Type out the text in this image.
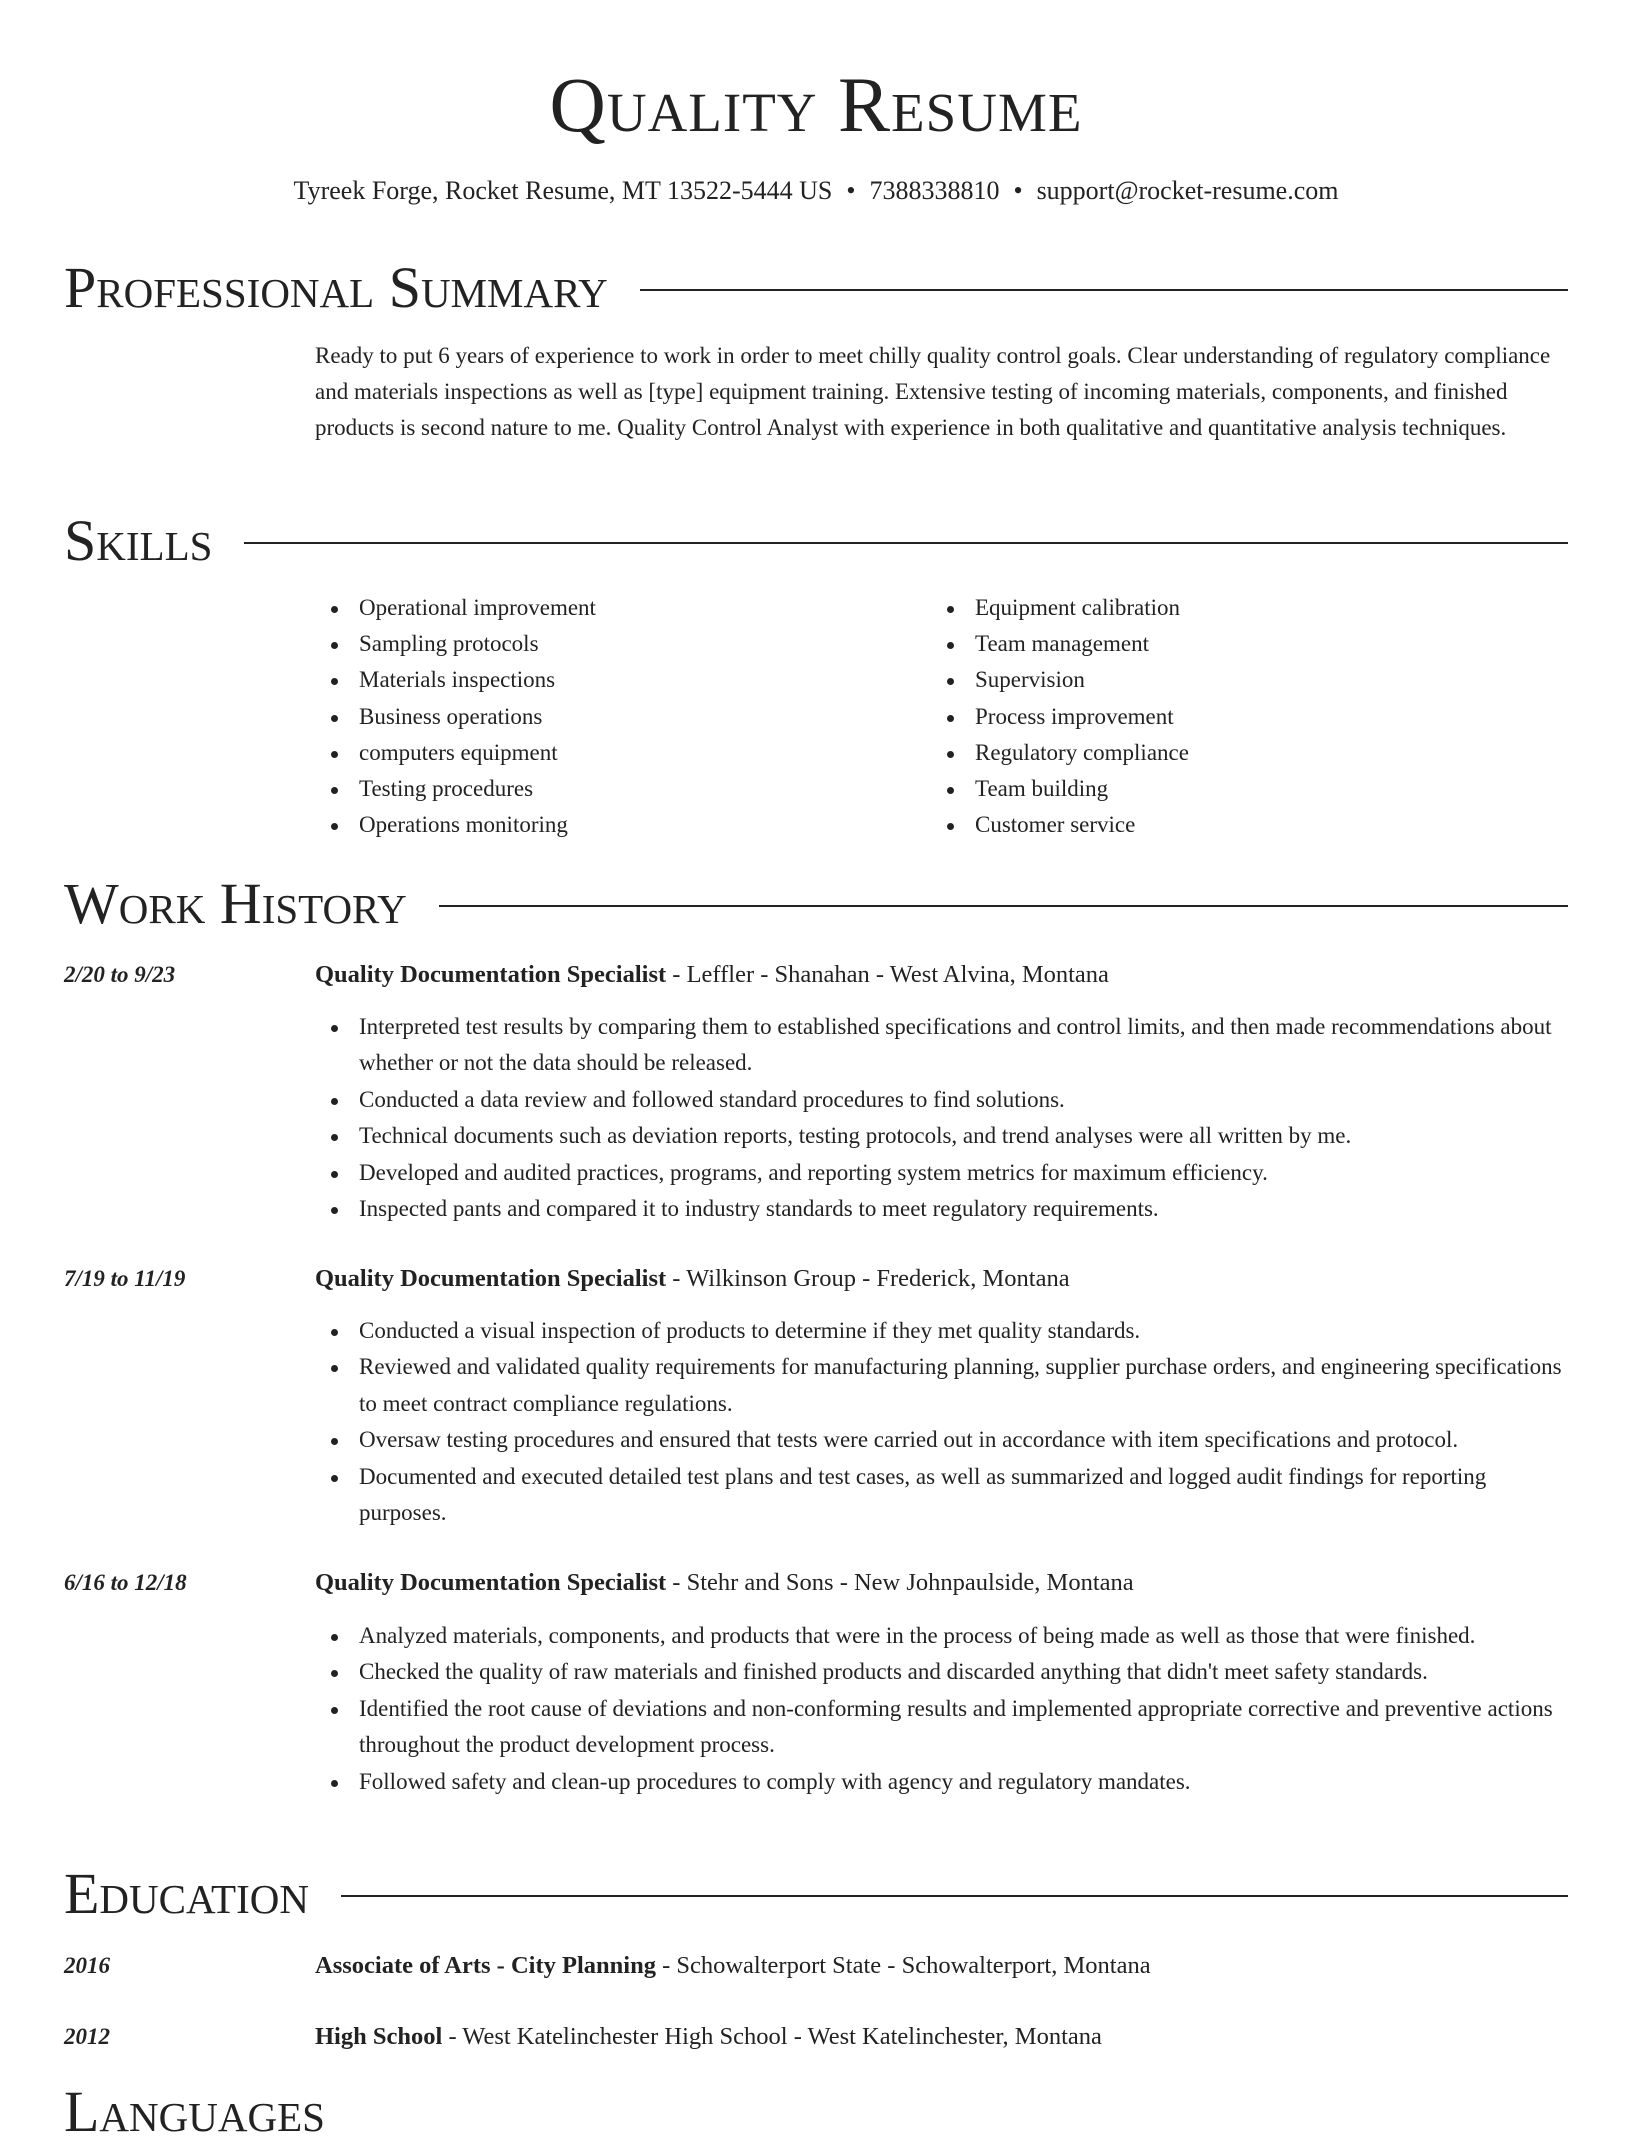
Quality Resume
Tyreek Forge, Rocket Resume, MT 13522-5444 US • 7388338810 • support@rocket-resume.com
Professional Summary
Ready to put 6 years of experience to work in order to meet chilly quality control goals. Clear understanding of regulatory compliance and materials inspections as well as [type] equipment training. Extensive testing of incoming materials, components, and finished products is second nature to me. Quality Control Analyst with experience in both qualitative and quantitative analysis techniques.
Skills
Operational improvement
Sampling protocols
Materials inspections
Business operations
computers equipment
Testing procedures
Operations monitoring
Equipment calibration
Team management
Supervision
Process improvement
Regulatory compliance
Team building
Customer service
Work History
2/20 to 9/23	Quality Documentation Specialist - Leffler - Shanahan - West Alvina, Montana
Interpreted test results by comparing them to established specifications and control limits, and then made recommendations about whether or not the data should be released.
Conducted a data review and followed standard procedures to find solutions.
Technical documents such as deviation reports, testing protocols, and trend analyses were all written by me.
Developed and audited practices, programs, and reporting system metrics for maximum efficiency.
Inspected pants and compared it to industry standards to meet regulatory requirements.
7/19 to 11/19	Quality Documentation Specialist - Wilkinson Group - Frederick, Montana
Conducted a visual inspection of products to determine if they met quality standards.
Reviewed and validated quality requirements for manufacturing planning, supplier purchase orders, and engineering specifications to meet contract compliance regulations.
Oversaw testing procedures and ensured that tests were carried out in accordance with item specifications and protocol.
Documented and executed detailed test plans and test cases, as well as summarized and logged audit findings for reporting purposes.
6/16 to 12/18	Quality Documentation Specialist - Stehr and Sons - New Johnpaulside, Montana
Analyzed materials, components, and products that were in the process of being made as well as those that were finished.
Checked the quality of raw materials and finished products and discarded anything that didn't meet safety standards.
Identified the root cause of deviations and non-conforming results and implemented appropriate corrective and preventive actions throughout the product development process.
Followed safety and clean-up procedures to comply with agency and regulatory mandates.
Education
2016	Associate of Arts - City Planning - Schowalterport State - Schowalterport, Montana
2012	High School - West Katelinchester High School - West Katelinchester, Montana
Languages
